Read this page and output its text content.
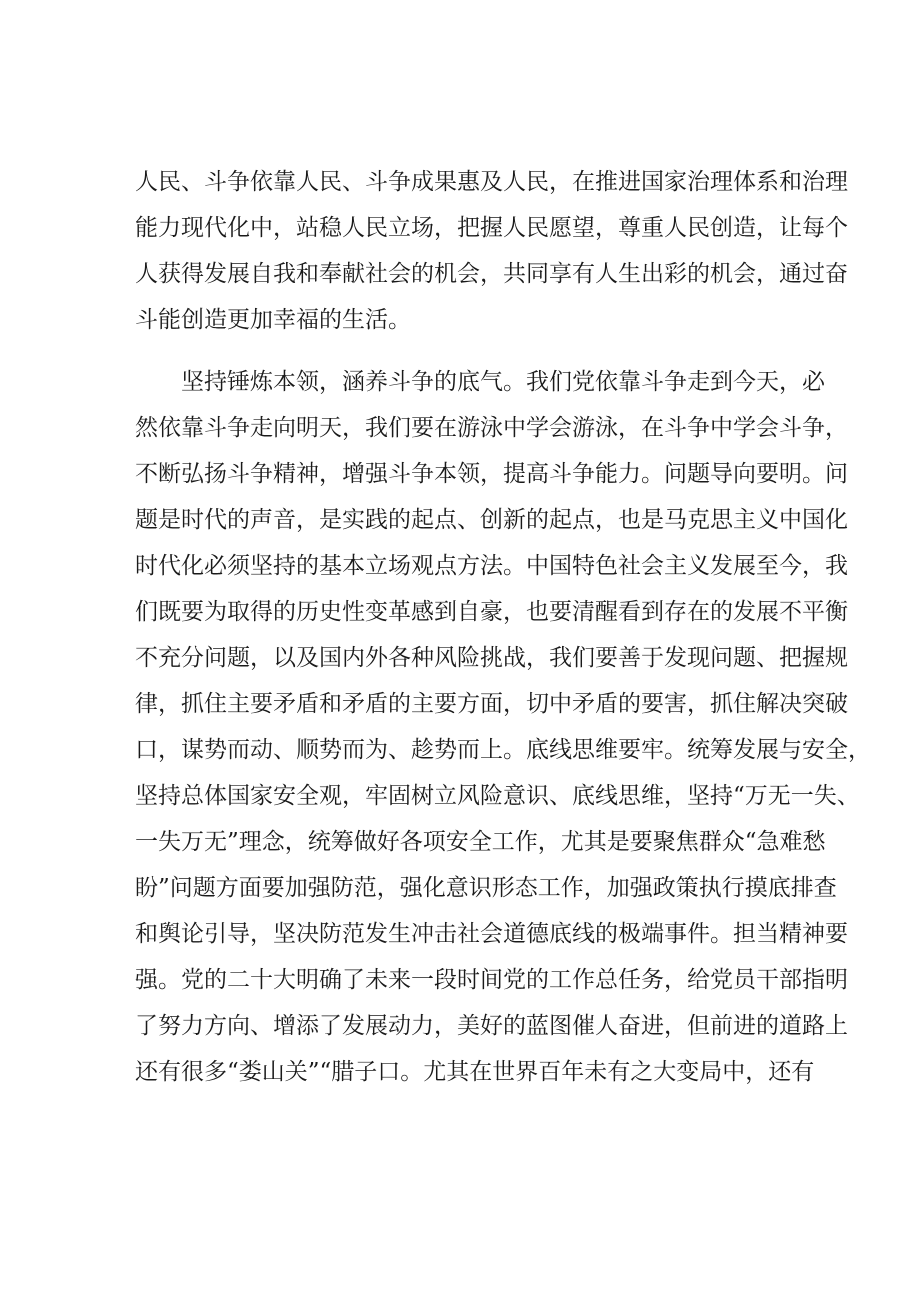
人民、斗争依靠人民、斗争成果惠及人民，在推进国家治理体系和治理
能力现代化中，站稳人民立场，把握人民愿望，尊重人民创造，让每个
人获得发展自我和奉献社会的机会，共同享有人生出彩的机会，通过奋
斗能创造更加幸福的生活。
坚持锤炼本领，涵养斗争的底气。我们党依靠斗争走到今天，必
然依靠斗争走向明天，我们要在游泳中学会游泳，在斗争中学会斗争，
不断弘扬斗争精神，增强斗争本领，提高斗争能力。问题导向要明。问
题是时代的声音，是实践的起点、创新的起点，也是马克思主义中国化
时代化必须坚持的基本立场观点方法。中国特色社会主义发展至今，我
们既要为取得的历史性变革感到自豪，也要清醒看到存在的发展不平衡
不充分问题，以及国内外各种风险挑战，我们要善于发现问题、把握规
律，抓住主要矛盾和矛盾的主要方面，切中矛盾的要害，抓住解决突破
口，谋势而动、顺势而为、趁势而上。底线思维要牢。统筹发展与安全，
坚持总体国家安全观，牢固树立风险意识、底线思维，坚持“万无一失、
一失万无”理念，统筹做好各项安全工作，尤其是要聚焦群众“急难愁
盼”问题方面要加强防范，强化意识形态工作，加强政策执行摸底排查
和舆论引导，坚决防范发生冲击社会道德底线的极端事件。担当精神要
强。党的二十大明确了未来一段时间党的工作总任务，给党员干部指明
了努力方向、增添了发展动力，美好的蓝图催人奋进，但前进的道路上
还有很多“娄山关”“腊子口。尤其在世界百年未有之大变局中，还有
